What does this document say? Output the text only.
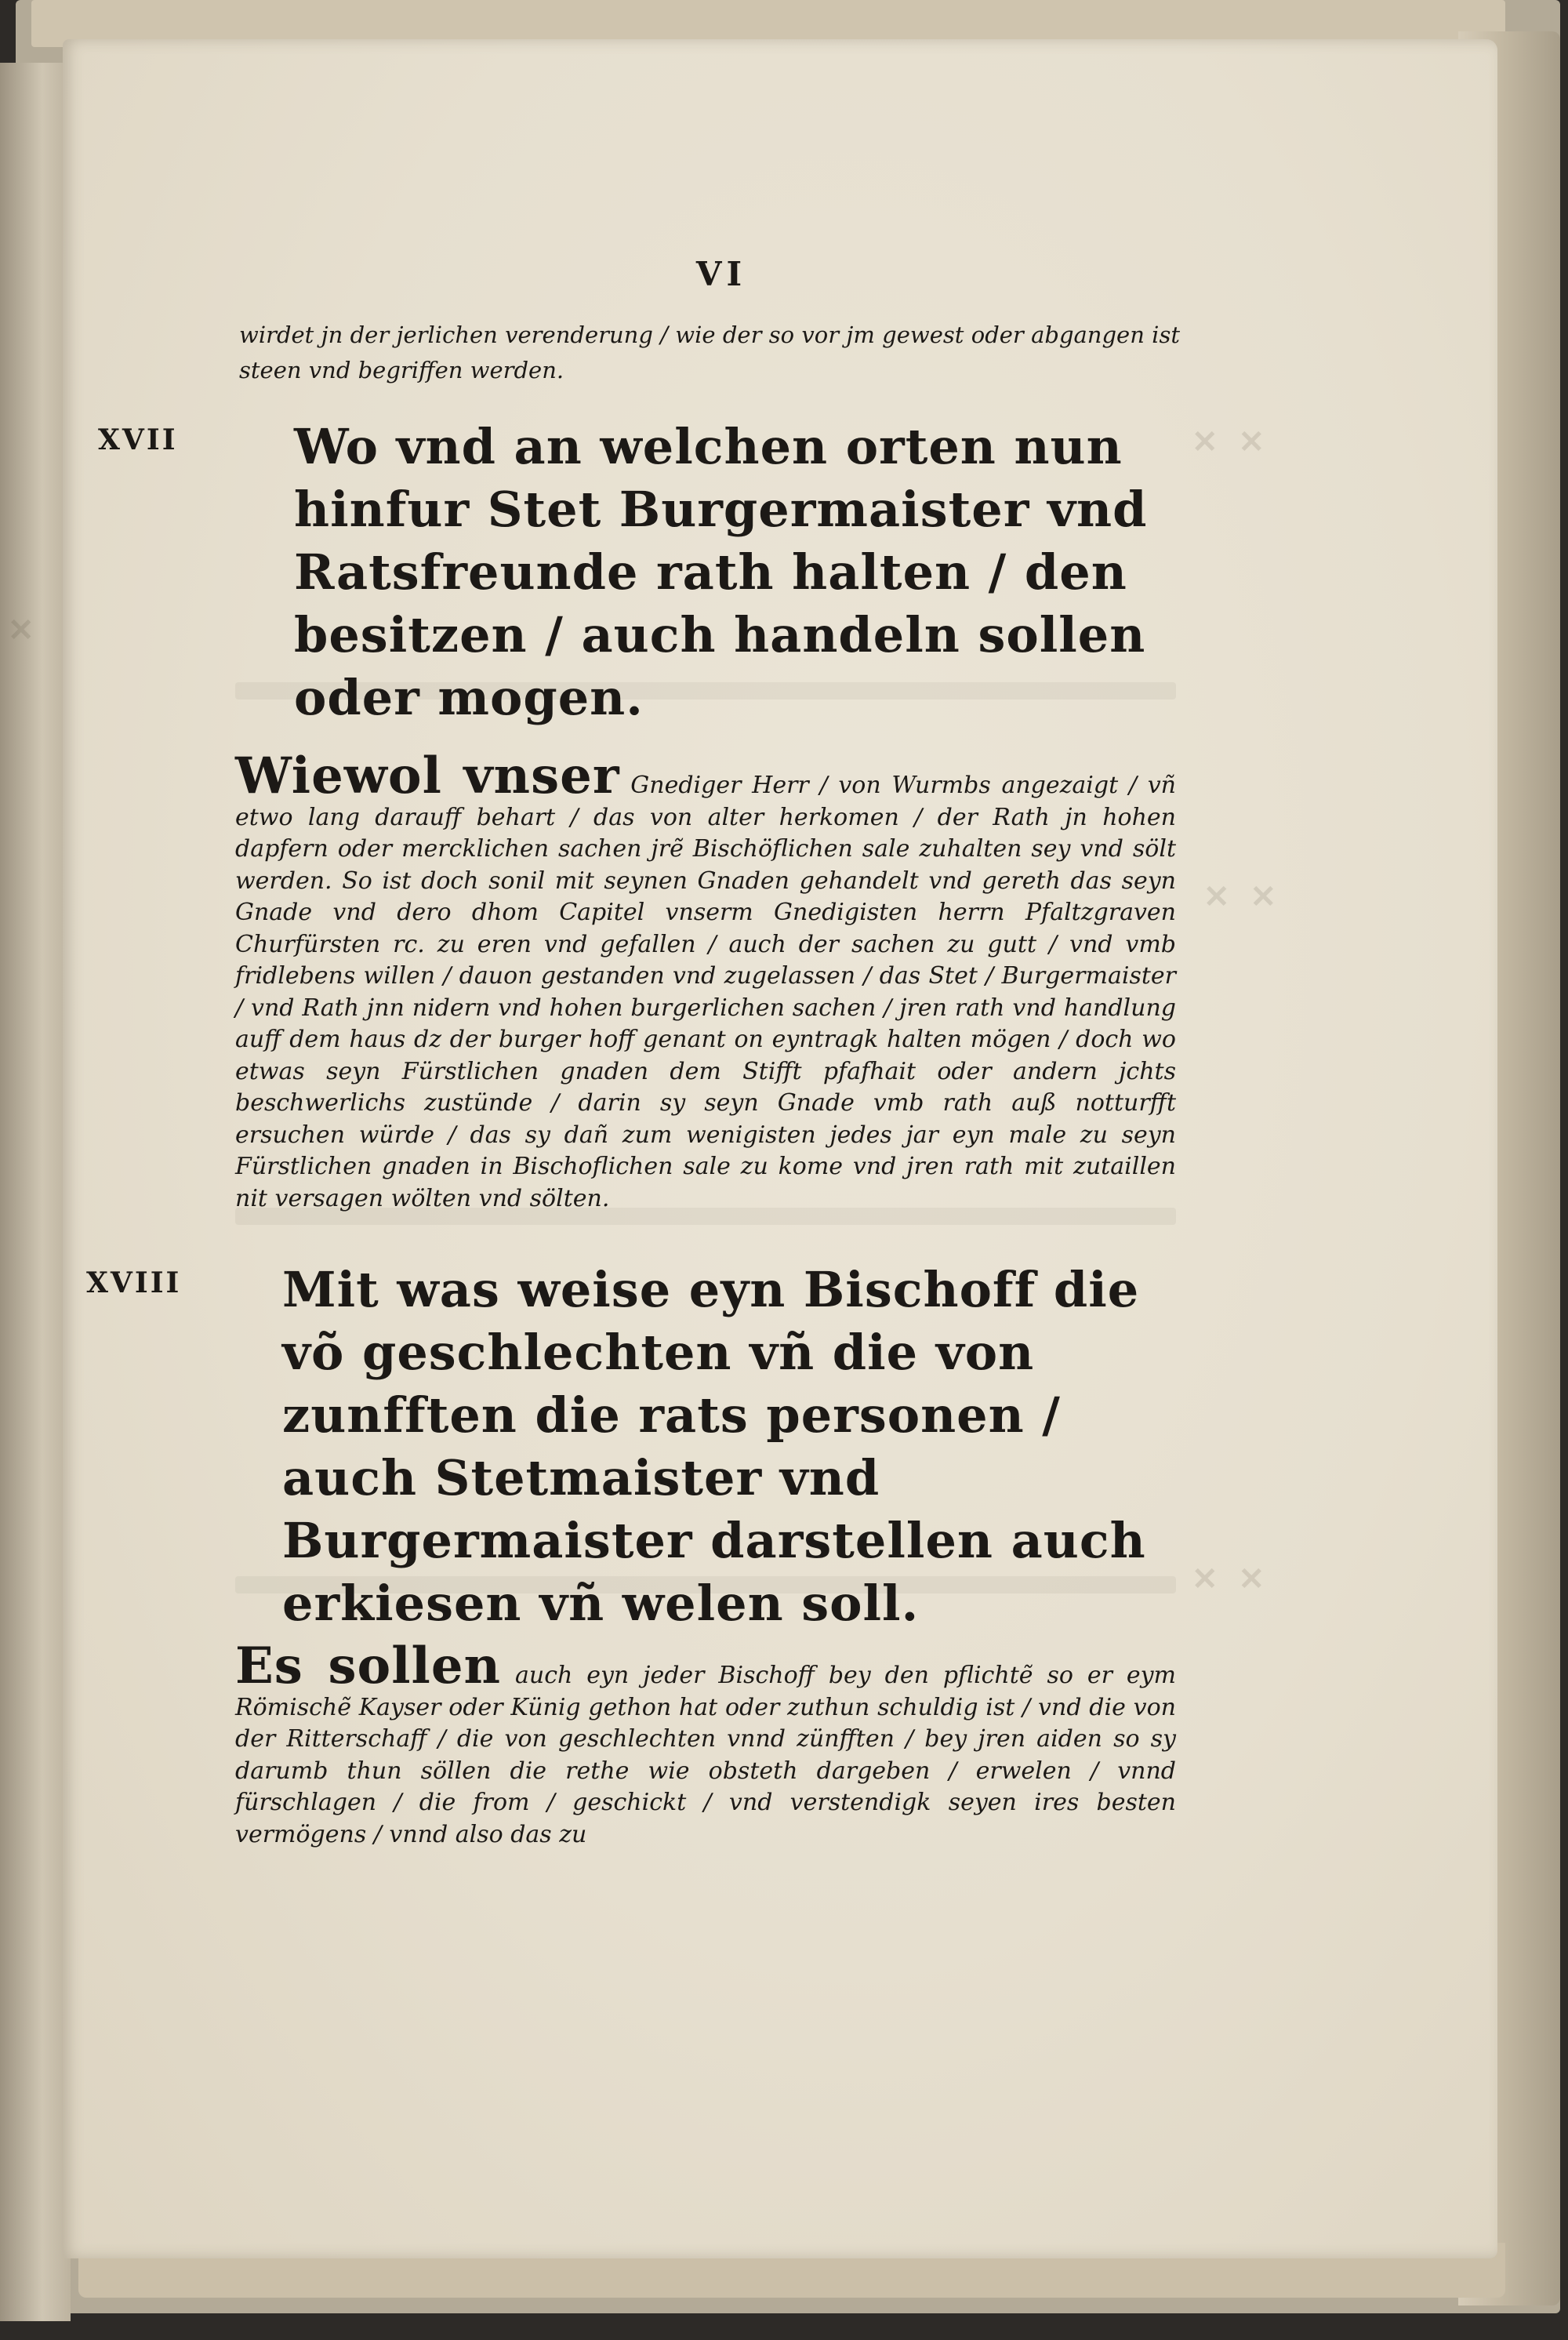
✕ ✕
✕ ✕
✕ ✕
✕
VI

wirdet jn der jerlichen verenderung / wie der so vor jm gewest oder abgangen ist steen vnd begriffen werden.

XVII Wo vnd an welchen orten nun hinfur Stet Burgermaister vnd Ratsfreunde rath halten / den besitzen / auch handeln sollen oder mogen.

Wiewol vnser Gnediger Herr / von Wurmbs angezaigt / vñ etwo lang darauff behart / das von alter herkomen / der Rath jn hohen dapfern oder mercklichen sachen jrẽ Bischöflichen sale zuhalten sey vnd sölt werden. So ist doch sonil mit seynen Gnaden gehandelt vnd gereth das seyn Gnade vnd dero dhom Capitel vnserm Gnedigisten herrn Pfaltzgraven Churfürsten rc. zu eren vnd gefallen / auch der sachen zu gutt / vnd vmb fridlebens willen / dauon gestanden vnd zugelassen / das Stet / Burgermaister / vnd Rath jnn nidern vnd hohen burgerlichen sachen / jren rath vnd handlung auff dem haus dz der burger hoff genant on eyntragk halten mögen / doch wo etwas seyn Fürstlichen gnaden dem Stifft pfafhait oder andern jchts beschwerlichs zustünde / darin sy seyn Gnade vmb rath auß notturfft ersuchen würde / das sy dañ zum wenigisten jedes jar eyn male zu seyn Fürstlichen gnaden in Bischoflichen sale zu kome vnd jren rath mit zutaillen nit versagen wölten vnd sölten.

XVIII Mit was weise eyn Bischoff die võ geschlechten vñ die von zunfften die rats personen / auch Stetmaister vnd Burgermaister darstellen auch erkiesen vñ welen soll.

Es sollen auch eyn jeder Bischoff bey den pflichtẽ so er eym Römischẽ Kayser oder Künig gethon hat oder zuthun schuldig ist / vnd die von der Ritterschaff / die von geschlechten vnnd zünfften / bey jren aiden so sy darumb thun söllen die rethe wie obsteth dargeben / erwelen / vnnd fürschlagen / die from / geschickt / vnd verstendigk seyen ires besten vermögens / vnnd also das zu
